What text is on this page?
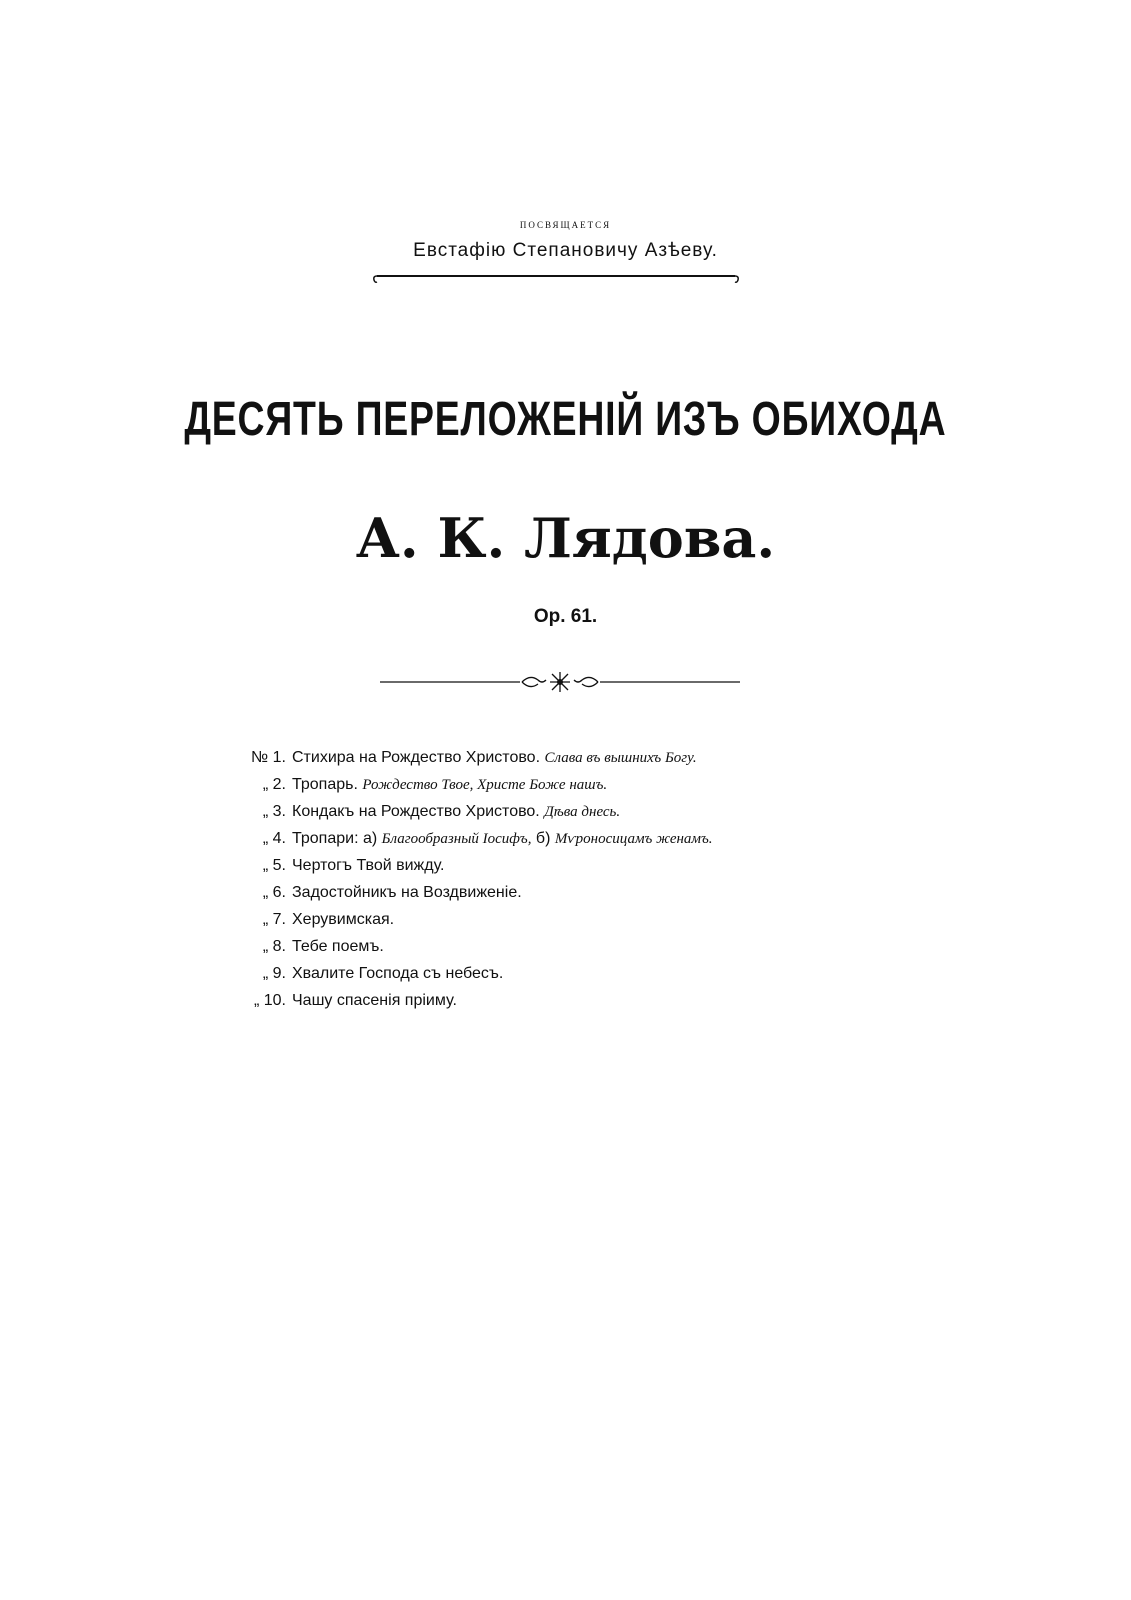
посвящается
Евстафiю Степановичу Азѣеву.
ДЕСЯТЬ ПЕРЕЛОЖЕНIЙ ИЗЪ ОБИХОДА
А. К. Лядова.
Op. 61.
№ 1. Стихира на Рождество Христово. Слава въ вышнихъ Богу.
„ 2. Тропарь. Рождество Твое, Христе Боже нашъ.
„ 3. Кондакъ на Рождество Христово. Дѣва днесь.
„ 4. Тропари: а) Благообразный Iосифъ, б) Мѵроносицамъ женамъ.
„ 5. Чертогъ Твой вижду.
„ 6. Задостойникъ на Воздвиженiе.
„ 7. Херувимская.
„ 8. Тебе поемъ.
„ 9. Хвалите Господа съ небесъ.
„ 10. Чашу спасенiя прiиму.
